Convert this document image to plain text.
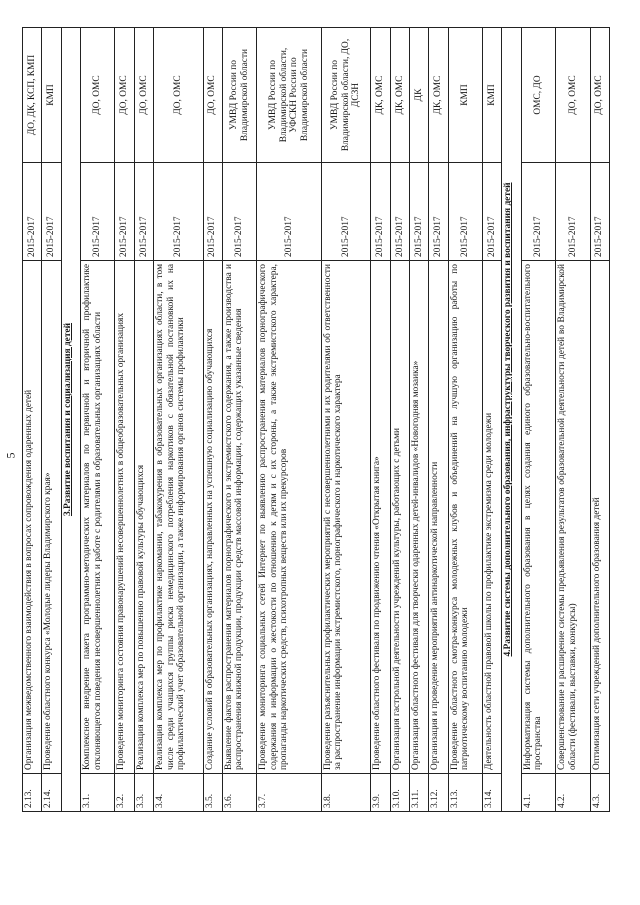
2.13.	Организация межведомственного взаимодействия в вопросах сопровождения одаренных детей	2015-2017	ДО, ДК, КСП, КМП
2.14.	Проведение областного конкурса «Молодые лидеры Владимирского края»	2015-2017	КМП
3.Развитие воспитания и социализация детей			
3.1.	Комплексное внедрение пакета программно-методических материалов по первичной и вторичной профилактике отклоняющегося поведения несовершеннолетних и работе с родителями в образовательных организациях области	2015-2017	ДО, ОМС
3.2.	Проведение мониторинга состояния правонарушений несовершеннолетних в общеобразовательных организациях	2015-2017	ДО, ОМС
3.3.	Реализация комплекса мер по повышению правовой культуры обучающихся	2015-2017	ДО, ОМС
3.4.	Реализация комплекса мер по профилактике наркомании, табакокурения в образовательных организациях области, в том числе среди учащихся группы риска немедицинского потребления наркотиков с обязательной постановкой их на профилактический учет образовательной организации, а также информирования органов системы профилактики	2015-2017	ДО, ОМС
3.5.	Создание условий в образовательных организациях, направленных на успешную социализацию обучающихся	2015-2017	ДО, ОМС
3.6.	Выявление фактов распространения материалов порнографического и экстремистского содержания, а также производства и распространения книжной продукции, продукции средств массовой информации, содержащих указанные сведения	2015-2017	УМВД России по Владимирской области
3.7.	Проведение мониторинга социальных сетей Интернет по выявлению распространения материалов порнографического содержания и информации о жестокости по отношению к детям и с их стороны, а также экстремистского характера, пропаганды наркотических средств, психотропных веществ или их прекурсоров	2015-2017	УМВД России по Владимирской области, УФСКН России по Владимирской области
3.8.	Проведение разъяснительных профилактических мероприятий с несовершеннолетними и их родителями об ответственности за распространение информации экстремистского, порнографического и наркотического характера	2015-2017	УМВД России по Владимирской области, ДО, ДСЗН
3.9.	Проведение областного фестиваля по продвижению чтения «Открытая книга»	2015-2017	ДК, ОМС
3.10.	Организация гастрольной деятельности учреждений культуры, работающих с детьми	2015-2017	ДК, ОМС
3.11.	Организация областного фестиваля для творчески одаренных детей-инвалидов «Новогодняя мозаика»	2015-2017	ДК
3.12.	Организация и проведение мероприятий антинаркотической направленности	2015-2017	ДК, ОМС
3.13.	Проведение областного смотра-конкурса молодежных клубов и объединений на лучшую организацию работы по патриотическому воспитанию молодежи	2015-2017	КМП
3.14.	Деятельность областной правовой школы по профилактике экстремизма среди молодежи	2015-2017	КМП
4.Развитие системы дополнительного образования, инфраструктуры творческого развития и воспитания детей			
4.1.	Информатизация системы дополнительного образования в целях создания единого образовательно-воспитательного пространства	2015-2017	ОМС, ДО
4.2.	Совершенствование и расширение системы предъявления результатов образовательной деятельности детей во Владимирской области (фестивали, выставки, конкурсы)	2015-2017	ДО, ОМС
4.3.	Оптимизация сети учреждений дополнительного образования детей	2015-2017	ДО, ОМС
5
